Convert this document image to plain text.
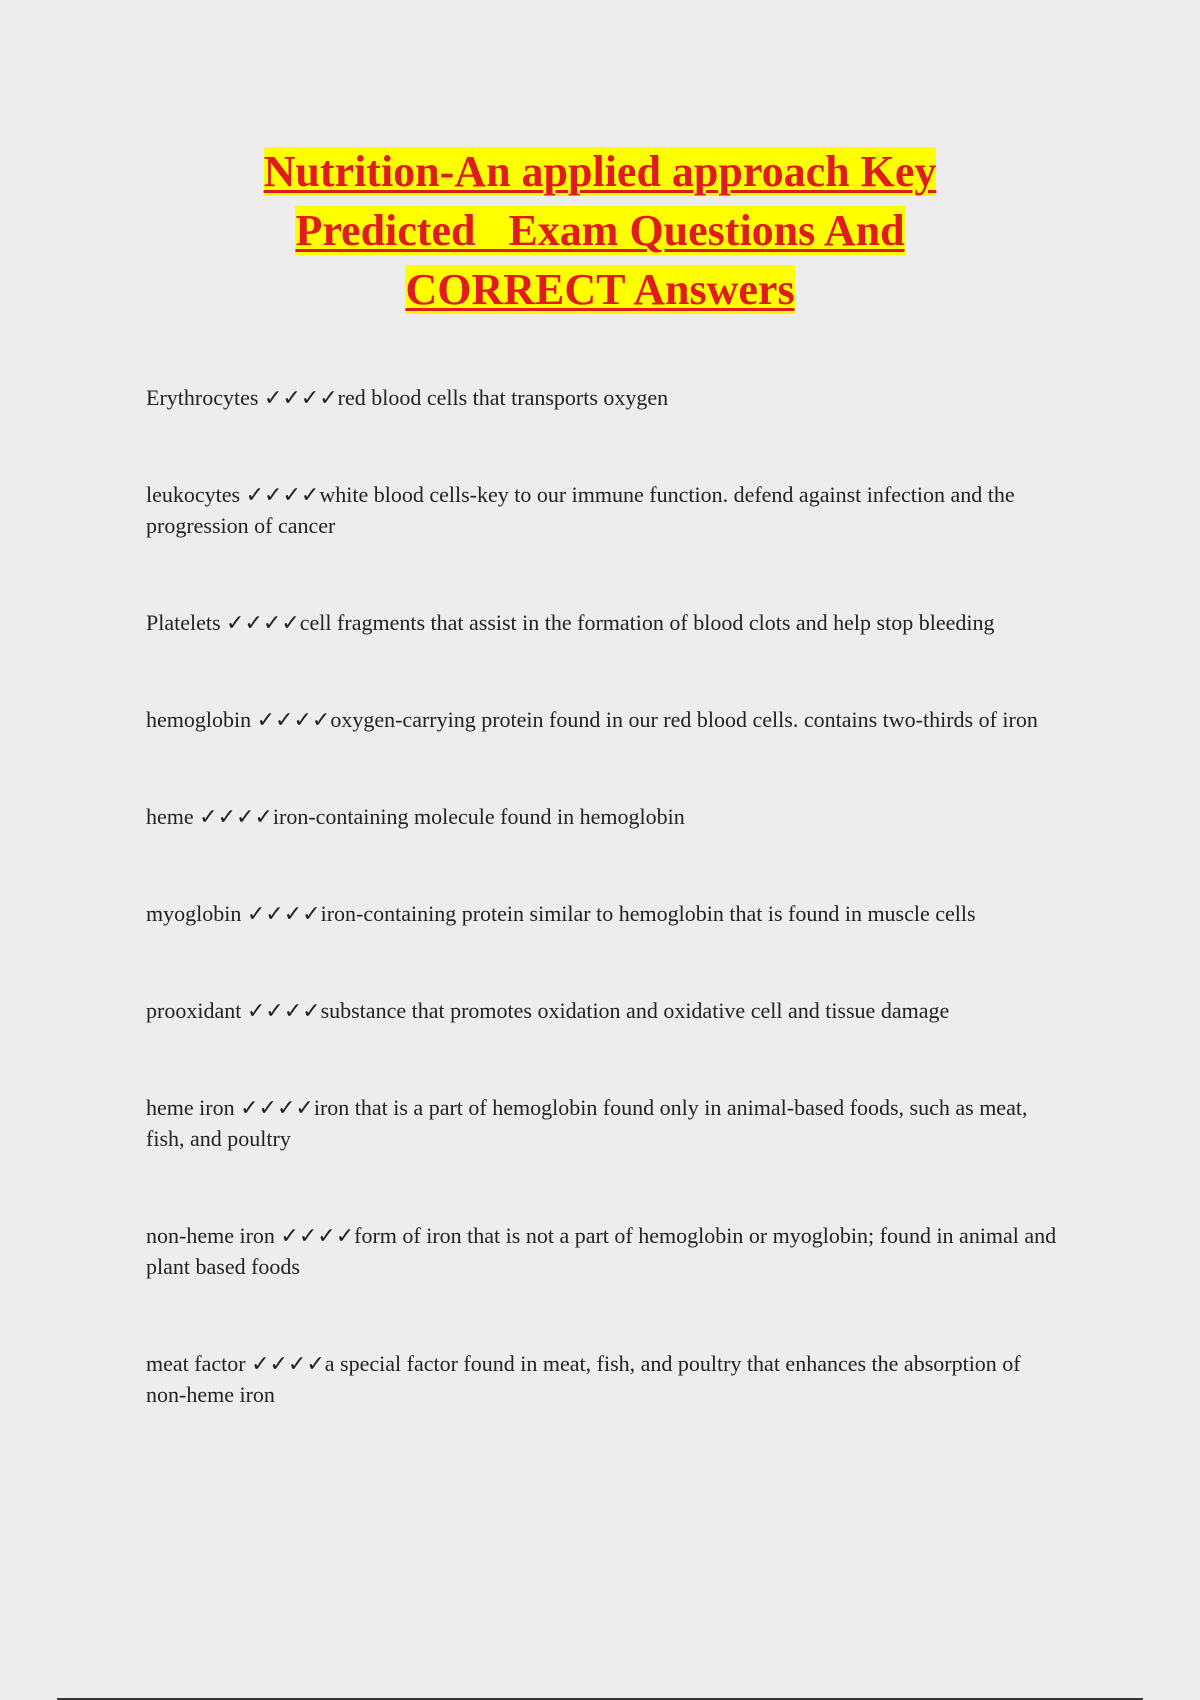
Nutrition-An applied approach Key
Predicted   Exam Questions And
CORRECT Answers
Erythrocytes ✓✓✓✓red blood cells that transports oxygen
leukocytes ✓✓✓✓white blood cells-key to our immune function. defend against infection and the progression of cancer
Platelets ✓✓✓✓cell fragments that assist in the formation of blood clots and help stop bleeding
hemoglobin ✓✓✓✓oxygen-carrying protein found in our red blood cells. contains two-thirds of iron
heme ✓✓✓✓iron-containing molecule found in hemoglobin
myoglobin ✓✓✓✓iron-containing protein similar to hemoglobin that is found in muscle cells
prooxidant ✓✓✓✓substance that promotes oxidation and oxidative cell and tissue damage
heme iron ✓✓✓✓iron that is a part of hemoglobin found only in animal-based foods, such as meat, fish, and poultry
non-heme iron ✓✓✓✓form of iron that is not a part of hemoglobin or myoglobin; found in animal and plant based foods
meat factor ✓✓✓✓a special factor found in meat, fish, and poultry that enhances the absorption of non-heme iron
